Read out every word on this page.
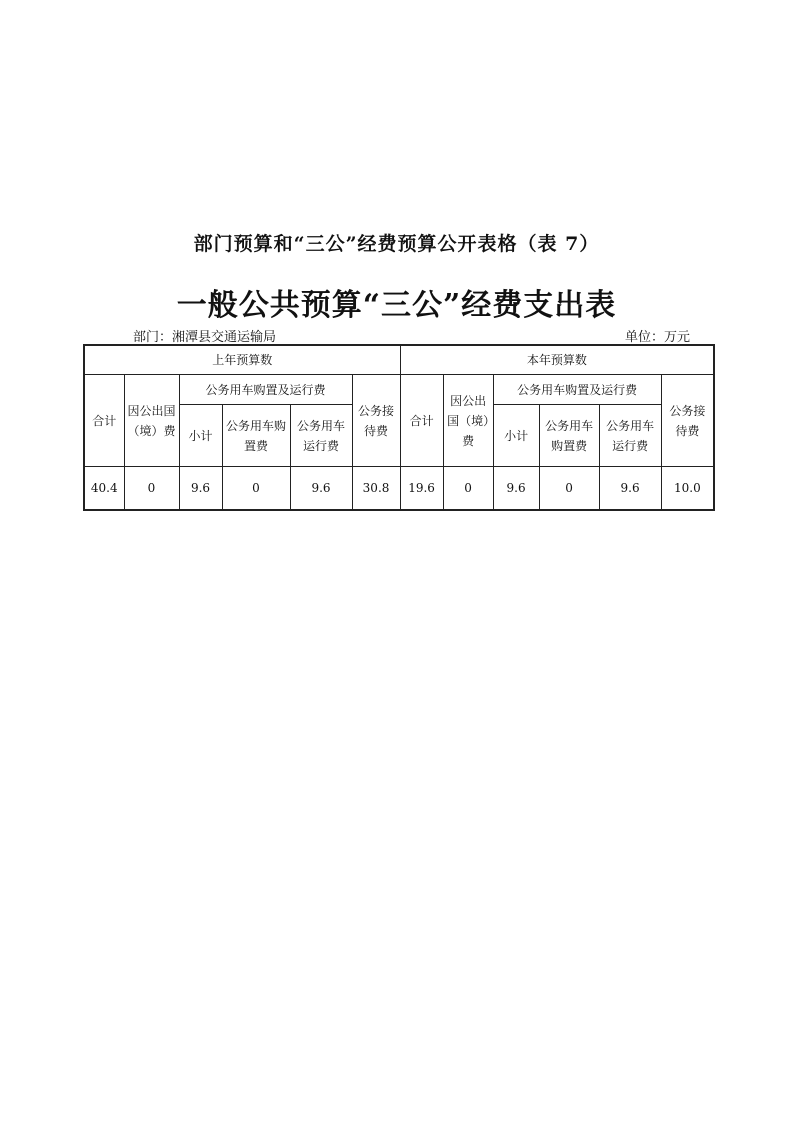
部门预算和“三公”经费预算公开表格（表 7）
一般公共预算“三公”经费支出表
部门：湘潭县交通运输局	单位：万元
上年预算数						本年预算数					
合计	因公出国（境）费	公务用车购置及运行费			公务接待费	合计	因公出国（境）费	公务用车购置及运行费			公务接待费
		小计	公务用车购置费	公务用车运行费				小计	公务用车购置费	公务用车运行费	
40.4	0	9.6	0	9.6	30.8	19.6	0	9.6	0	9.6	10.0
